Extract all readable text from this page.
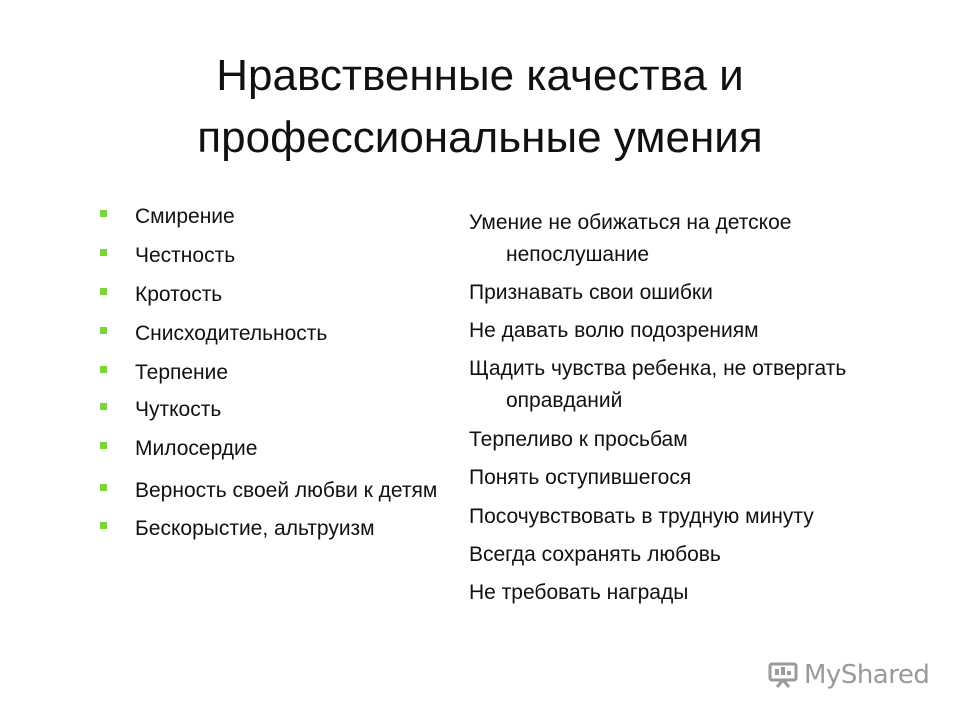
Нравственные качества и
профессиональные умения
Смирение
Честность
Кротость
Снисходительность
Терпение
Чуткость
Милосердие
Верность своей любви к детям
Бескорыстие, альтруизм
Умение не обижаться на детское
непослушание
Признавать свои ошибки
Не давать волю подозрениям
Щадить чувства ребенка, не отвергать
оправданий
Терпеливо к просьбам
Понять оступившегося
Посочувствовать в трудную минуту
Всегда сохранять любовь
Не требовать награды
MyShared
